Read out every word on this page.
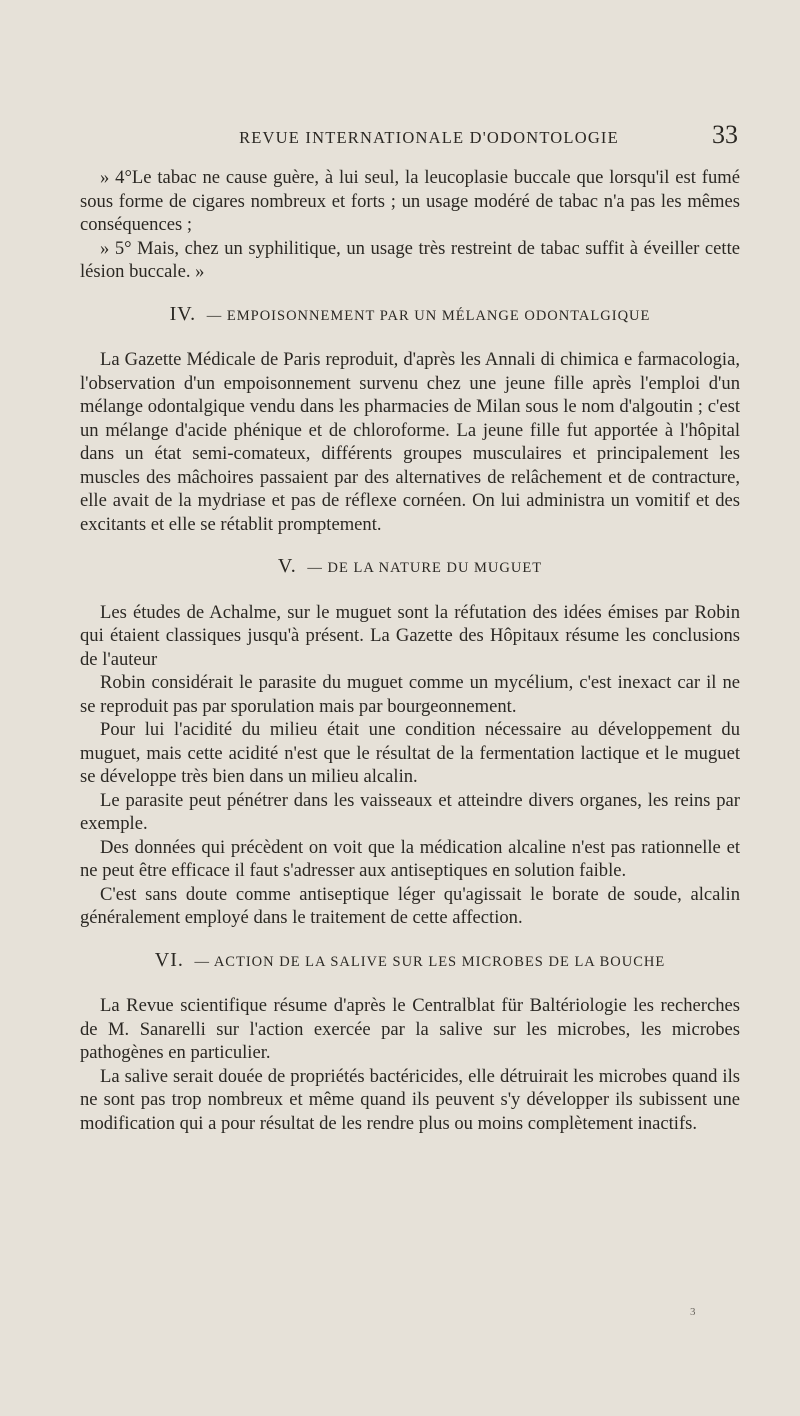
REVUE INTERNATIONALE D'ODONTOLOGIE	33

» 4°Le tabac ne cause guère, à lui seul, la leucoplasie buccale que lorsqu'il est fumé sous forme de cigares nombreux et forts ; un usage modéré de tabac n'a pas les mêmes conséquences ;

» 5° Mais, chez un syphilitique, un usage très restreint de tabac suffit à éveiller cette lésion buccale. »

IV. — EMPOISONNEMENT PAR UN MÉLANGE ODONTALGIQUE

La Gazette Médicale de Paris reproduit, d'après les Annali di chimica e farmacologia, l'observation d'un empoisonnement survenu chez une jeune fille après l'emploi d'un mélange odontalgique vendu dans les pharmacies de Milan sous le nom d'algoutin ; c'est un mélange d'acide phénique et de chloroforme. La jeune fille fut apportée à l'hôpital dans un état semi-comateux, différents groupes musculaires et principalement les muscles des mâchoires passaient par des alternatives de relâchement et de contracture, elle avait de la mydriase et pas de réflexe cornéen. On lui administra un vomitif et des excitants et elle se rétablit promptement.

V. — DE LA NATURE DU MUGUET

Les études de Achalme, sur le muguet sont la réfutation des idées émises par Robin qui étaient classiques jusqu'à présent. La Gazette des Hôpitaux résume les conclusions de l'auteur

Robin considérait le parasite du muguet comme un mycélium, c'est inexact car il ne se reproduit pas par sporulation mais par bourgeonnement.

Pour lui l'acidité du milieu était une condition nécessaire au développement du muguet, mais cette acidité n'est que le résultat de la fermentation lactique et le muguet se développe très bien dans un milieu alcalin.

Le parasite peut pénétrer dans les vaisseaux et atteindre divers organes, les reins par exemple.

Des données qui précèdent on voit que la médication alcaline n'est pas rationnelle et ne peut être efficace il faut s'adresser aux antiseptiques en solution faible.

C'est sans doute comme antiseptique léger qu'agissait le borate de soude, alcalin généralement employé dans le traitement de cette affection.

VI. — ACTION DE LA SALIVE SUR LES MICROBES DE LA BOUCHE

La Revue scientifique résume d'après le Centralblat für Baltériologie les recherches de M. Sanarelli sur l'action exercée par la salive sur les microbes, les microbes pathogènes en particulier.

La salive serait douée de propriétés bactéricides, elle détruirait les microbes quand ils ne sont pas trop nombreux et même quand ils peuvent s'y développer ils subissent une modification qui a pour résultat de les rendre plus ou moins complètement inactifs.

3
